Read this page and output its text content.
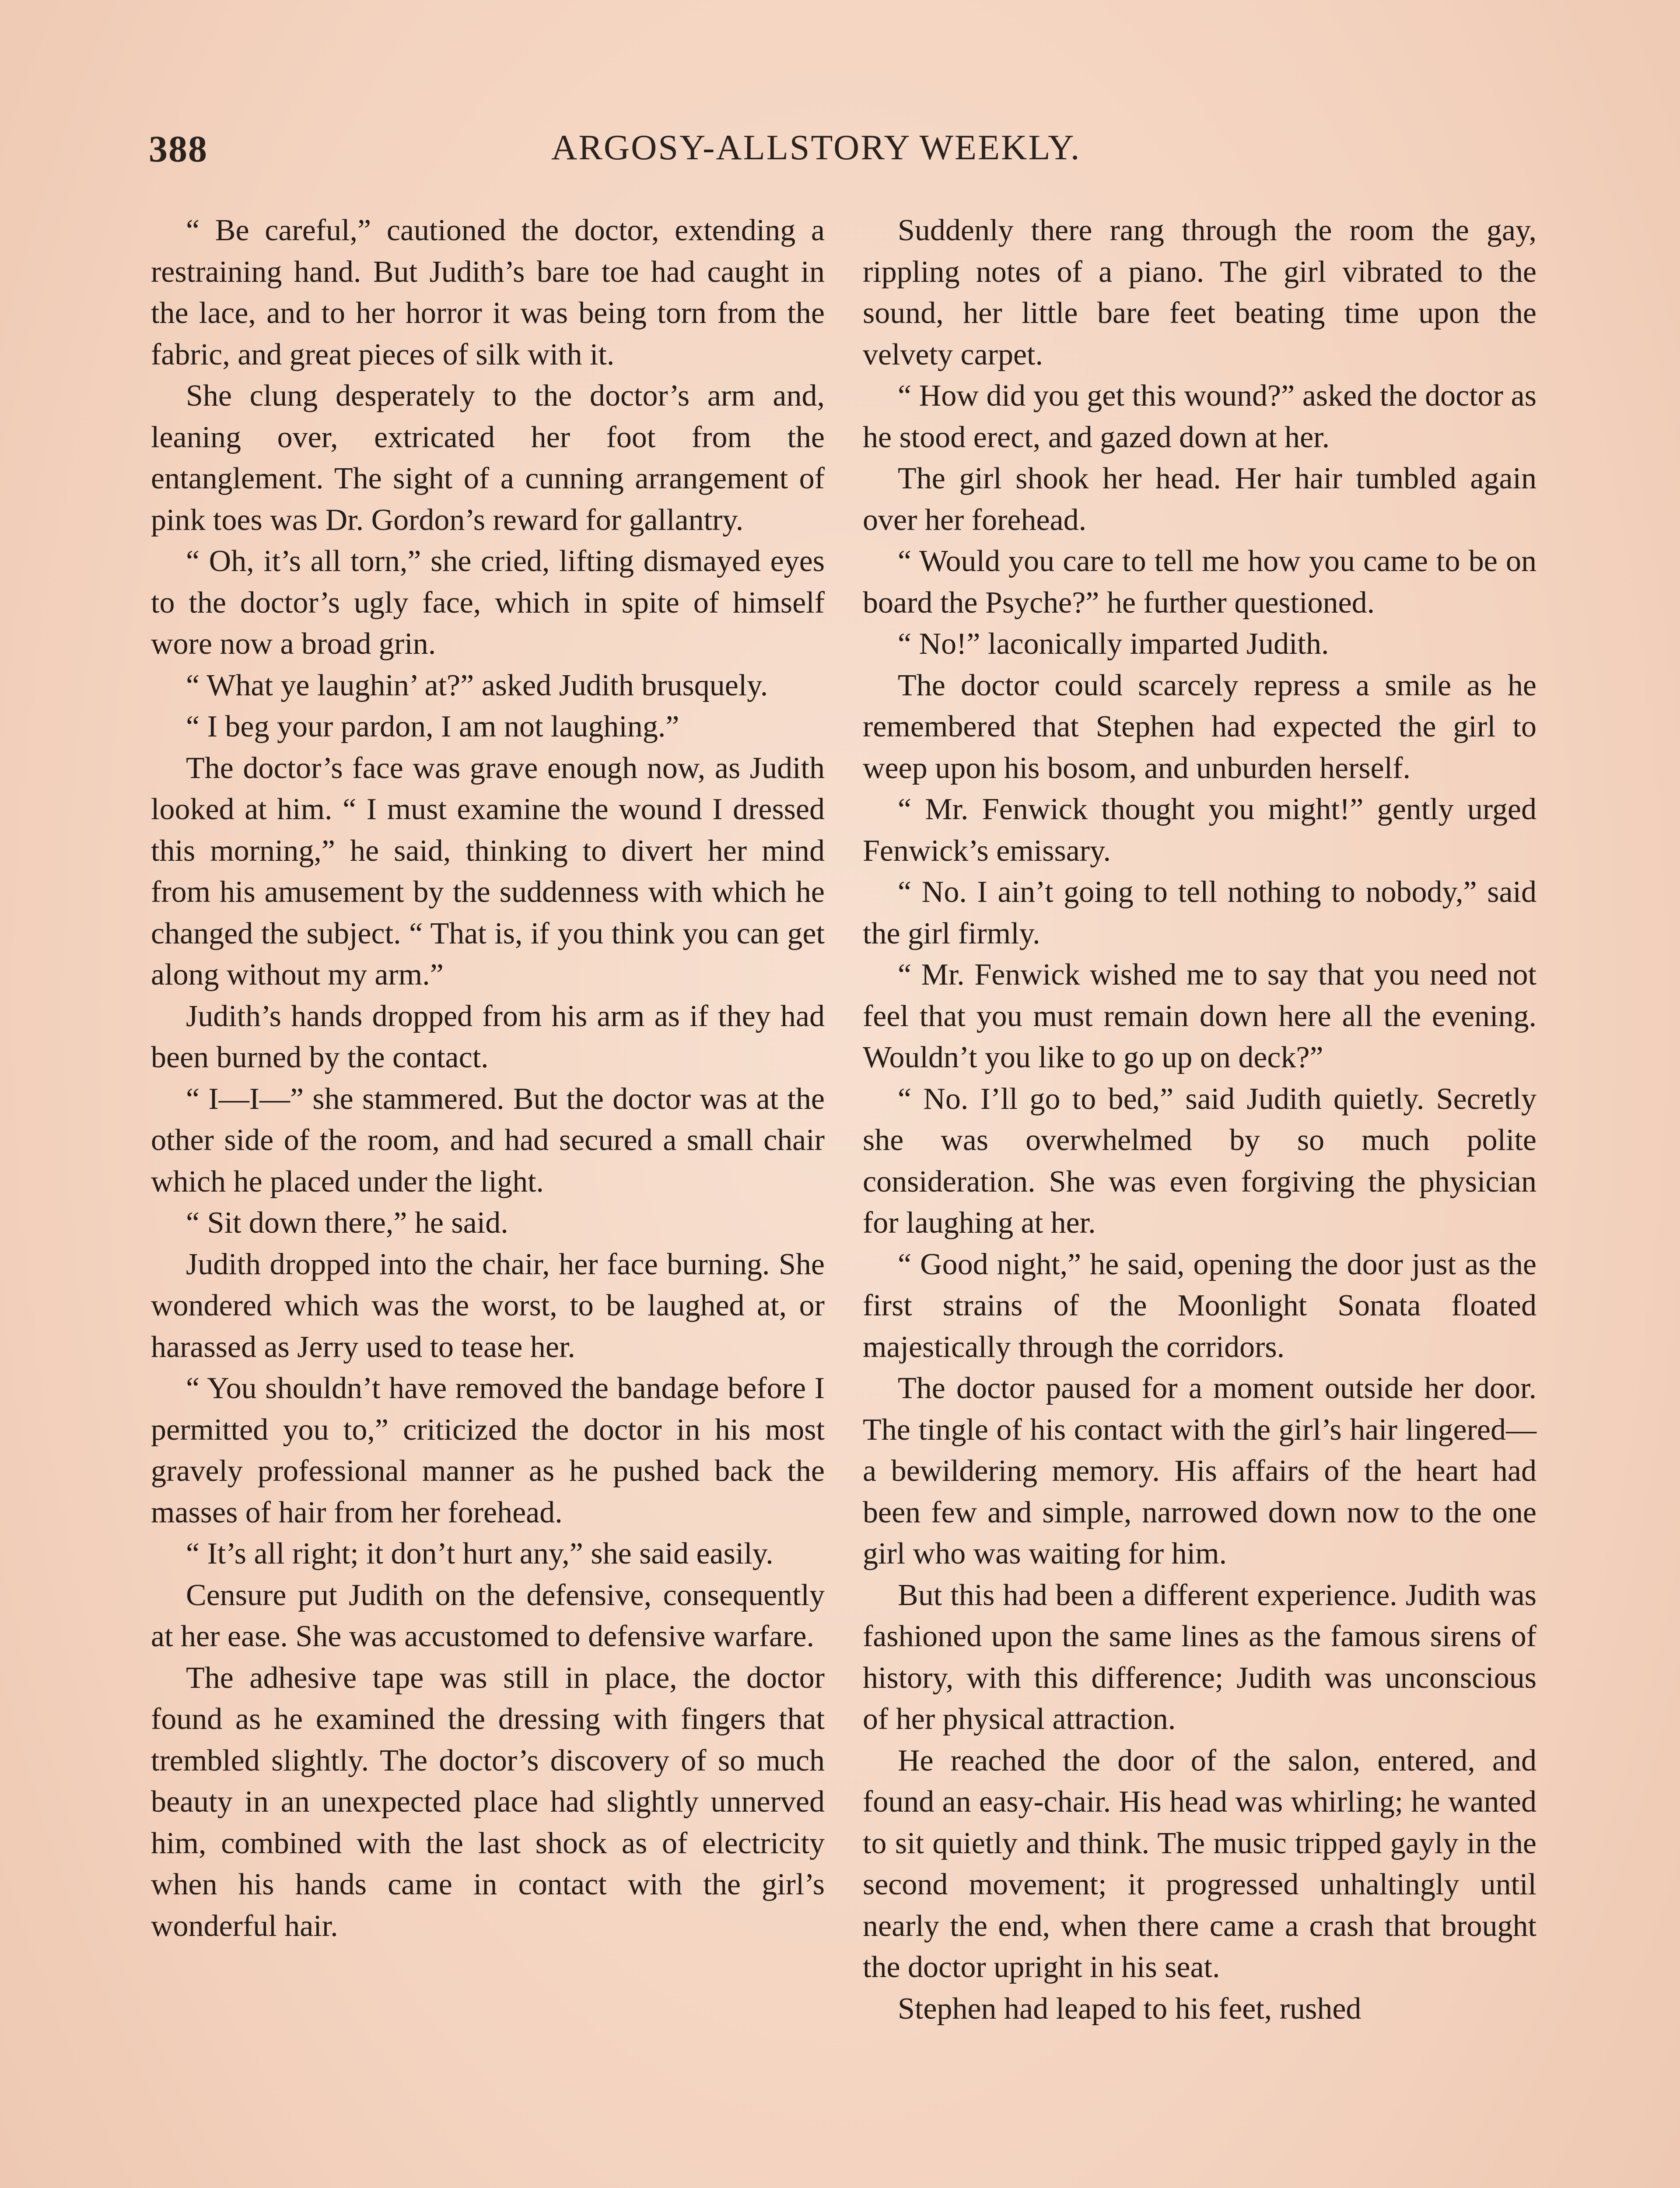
388	ARGOSY-ALLSTORY WEEKLY.

“ Be careful,” cautioned the doctor, extending a restraining hand. But Judith’s bare toe had caught in the lace, and to her horror it was being torn from the fabric, and great pieces of silk with it.

She clung desperately to the doctor’s arm and, leaning over, extricated her foot from the entanglement. The sight of a cunning arrangement of pink toes was Dr. Gordon’s reward for gallantry.

“ Oh, it’s all torn,” she cried, lifting dismayed eyes to the doctor’s ugly face, which in spite of himself wore now a broad grin.

“ What ye laughin’ at?” asked Judith brusquely.

“ I beg your pardon, I am not laughing.”

The doctor’s face was grave enough now, as Judith looked at him. “ I must examine the wound I dressed this morning,” he said, thinking to divert her mind from his amusement by the suddenness with which he changed the subject. “ That is, if you think you can get along without my arm.”

Judith’s hands dropped from his arm as if they had been burned by the contact.

“ I—I—” she stammered. But the doctor was at the other side of the room, and had secured a small chair which he placed under the light.

“ Sit down there,” he said.

Judith dropped into the chair, her face burning. She wondered which was the worst, to be laughed at, or harassed as Jerry used to tease her.

“ You shouldn’t have removed the bandage before I permitted you to,” criticized the doctor in his most gravely professional manner as he pushed back the masses of hair from her forehead.

“ It’s all right; it don’t hurt any,” she said easily.

Censure put Judith on the defensive, consequently at her ease. She was accustomed to defensive warfare.

The adhesive tape was still in place, the doctor found as he examined the dressing with fingers that trembled slightly. The doctor’s discovery of so much beauty in an unexpected place had slightly unnerved him, combined with the last shock as of electricity when his hands came in contact with the girl’s wonderful hair.

Suddenly there rang through the room the gay, rippling notes of a piano. The girl vibrated to the sound, her little bare feet beating time upon the velvety carpet.

“ How did you get this wound?” asked the doctor as he stood erect, and gazed down at her.

The girl shook her head. Her hair tumbled again over her forehead.

“ Would you care to tell me how you came to be on board the Psyche?” he further questioned.

“ No!” laconically imparted Judith.

The doctor could scarcely repress a smile as he remembered that Stephen had expected the girl to weep upon his bosom, and unburden herself.

“ Mr. Fenwick thought you might!” gently urged Fenwick’s emissary.

“ No. I ain’t going to tell nothing to nobody,” said the girl firmly.

“ Mr. Fenwick wished me to say that you need not feel that you must remain down here all the evening. Wouldn’t you like to go up on deck?”

“ No. I’ll go to bed,” said Judith quietly. Secretly she was overwhelmed by so much polite consideration. She was even forgiving the physician for laughing at her.

“ Good night,” he said, opening the door just as the first strains of the Moonlight Sonata floated majestically through the corridors.

The doctor paused for a moment outside her door. The tingle of his contact with the girl’s hair lingered—a bewildering memory. His affairs of the heart had been few and simple, narrowed down now to the one girl who was waiting for him.

But this had been a different experience. Judith was fashioned upon the same lines as the famous sirens of history, with this difference; Judith was unconscious of her physical attraction.

He reached the door of the salon, entered, and found an easy-chair. His head was whirling; he wanted to sit quietly and think. The music tripped gayly in the second movement; it progressed unhaltingly until nearly the end, when there came a crash that brought the doctor upright in his seat.

Stephen had leaped to his feet, rushed
